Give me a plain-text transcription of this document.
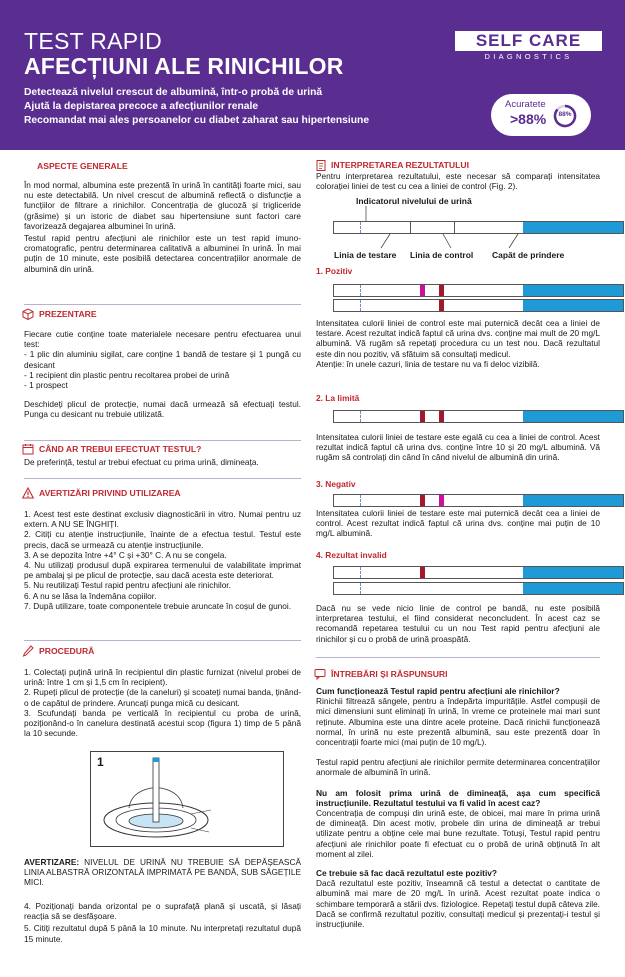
TEST RAPID
AFECȚIUNI ALE RINICHILOR
Detectează nivelul crescut de albumină, într-o probă de urină
Ajută la depistarea precoce a afecțiunilor renale
Recomandat mai ales persoanelor cu diabet zaharat sau hipertensiune
SELF CARE
DIAGNOSTICS
Acuratete
>88%	88%
ASPECTE GENERALE

În mod normal, albumina este prezentă în urină în cantități foarte mici, sau nu este detectabilă. Un nivel crescut de albumină reflectă o disfuncție a funcțiilor de filtrare a rinichilor. Concentrația de glucoză și trigliceride (grăsime) și un istoric de diabet sau hipertensiune sunt factori care favorizează degajarea albuminei în urină.

Testul rapid pentru afecțiuni ale rinichilor este un test rapid imuno-cromatografic, pentru determinarea calitativă a albuminei în urină. În mai puțin de 10 minute, este posibilă detectarea concentrațiilor anormale de albumină din urină.

PREZENTARE

Fiecare cutie conține toate materialele necesare pentru efectuarea unui test:

- 1 plic din aluminiu sigilat, care conține 1 bandă de testare și 1 pungă cu desicant

- 1 recipient din plastic pentru recoltarea probei de urină

- 1 prospect

Deschideți plicul de protecție, numai dacă urmează să efectuați testul. Punga cu desicant nu trebuie utilizată.

CÂND AR TREBUI EFECTUAT TESTUL?

De preferință, testul ar trebui efectuat cu prima urină, dimineața.

AVERTIZĂRI PRIVIND UTILIZAREA

1. Acest test este destinat exclusiv diagnosticării in vitro. Numai pentru uz extern. A NU SE ÎNGHIȚI.

2. Citiți cu atenție instrucțiunile, înainte de a efectua testul. Testul este precis, dacă se urmează cu atenție instrucțiunile.

3. A se depozita între +4° C și +30° C. A nu se congela.

4. Nu utilizați produsul după expirarea termenului de valabilitate imprimat pe ambalaj și pe plicul de protecție, sau dacă acesta este deteriorat.

5. Nu reutilizați Testul rapid pentru afecțiuni ale rinichilor.

6. A nu se lăsa la îndemâna copiilor.

7. După utilizare, toate componentele trebuie aruncate în coșul de gunoi.

PROCEDURĂ

1. Colectați puțină urină în recipientul din plastic furnizat (nivelul probei de urină: între 1 cm și 1,5 cm în recipient).

2. Rupeți plicul de protecție (de la caneluri) și scoateți numai banda, ținând-o de capătul de prindere. Aruncați punga mică cu desicant.

3. Scufundați banda pe verticală în recipientul cu proba de urină, poziționând-o în canelura destinată acestui scop (figura 1) timp de 5 până la 10 secunde.

1

AVERTIZARE: NIVELUL DE URINĂ NU TREBUIE SĂ DEPĂȘEASCĂ LINIA ALBASTRĂ ORIZONTALĂ IMPRIMATĂ PE BANDĂ, SUB SĂGEȚILE MICI.

4. Poziționați banda orizontal pe o suprafață plană și uscată, și lăsați reacția să se desfășoare.

5. Citiți rezultatul după 5 până la 10 minute. Nu interpretați rezultatul după 15 minute.

INTERPRETAREA REZULTATULUI

Pentru interpretarea rezultatului, este necesar să comparați intensitatea colorației liniei de test cu cea a liniei de control (Fig. 2).

Indicatorul nivelului de urină
Linia de testare Linia de control Capăt de prindere
1. Pozitiv

Intensitatea culorii liniei de control este mai puternică decât cea a liniei de testare. Acest rezultat indică faptul că urina dvs. conține mai mult de 20 mg/L albumină. Vă rugăm să repetați procedura cu un test nou. Dacă rezultatul este din nou pozitiv, vă sfătuim să consultați medicul.

Atenție: în unele cazuri, linia de testare nu va fi deloc vizibilă.

2. La limită

Intensitatea culorii liniei de testare este egală cu cea a liniei de control. Acest rezultat indică faptul că urina dvs. conține între 10 și 20 mg/L albumină. Vă rugăm să controlați din când în când nivelul de albumină din urină.

3. Negativ

Intensitatea culorii liniei de testare este mai puternică decât cea a liniei de control. Acest rezultat indică faptul că urina dvs. conține mai puțin de 10 mg/L albumină.

4. Rezultat invalid

Dacă nu se vede nicio linie de control pe bandă, nu este posibilă interpretarea testului, el fiind considerat neconcludent. În acest caz se recomandă repetarea testului cu un nou Test rapid pentru afecțiuni ale rinichilor și cu o probă de urină proaspătă.

ÎNTREBĂRI ȘI RĂSPUNSURI

Cum funcționează Testul rapid pentru afecțiuni ale rinichilor?

Rinichii filtrează sângele, pentru a îndepărta impuritățile. Astfel compușii de mici dimensiuni sunt eliminați în urină, în vreme ce proteinele mai mari sunt reținute. Albumina este una dintre acele proteine. Dacă rinichii funcționează normal, în urină nu este prezentă albumină, sau este prezentă doar în concentrații foarte mici (mai puțin de 10 mg/L).

Testul rapid pentru afecțiuni ale rinichilor permite determinarea concentrațiilor anormale de albumină în urină.

Nu am folosit prima urină de dimineață, așa cum specifică instrucțiunile. Rezultatul testului va fi valid în acest caz?

Concentrația de compuși din urină este, de obicei, mai mare în prima urină de dimineață. Din acest motiv, probele din urina de dimineață ar trebui utilizate pentru a obține cele mai bune rezultate. Totuși, Testul rapid pentru afecțiuni ale rinichilor poate fi efectuat cu o probă de urină obținută în alt moment al zilei.

Ce trebuie să fac dacă rezultatul este pozitiv?

Dacă rezultatul este pozitiv, înseamnă că testul a detectat o cantitate de albumină mai mare de 20 mg/L în urină. Acest rezultat poate indica o schimbare temporară a stării dvs. fiziologice. Repetați testul după câteva zile. Dacă se confirmă rezultatul pozitiv, consultați medicul și prezentați-i testul și instrucțiunile.
